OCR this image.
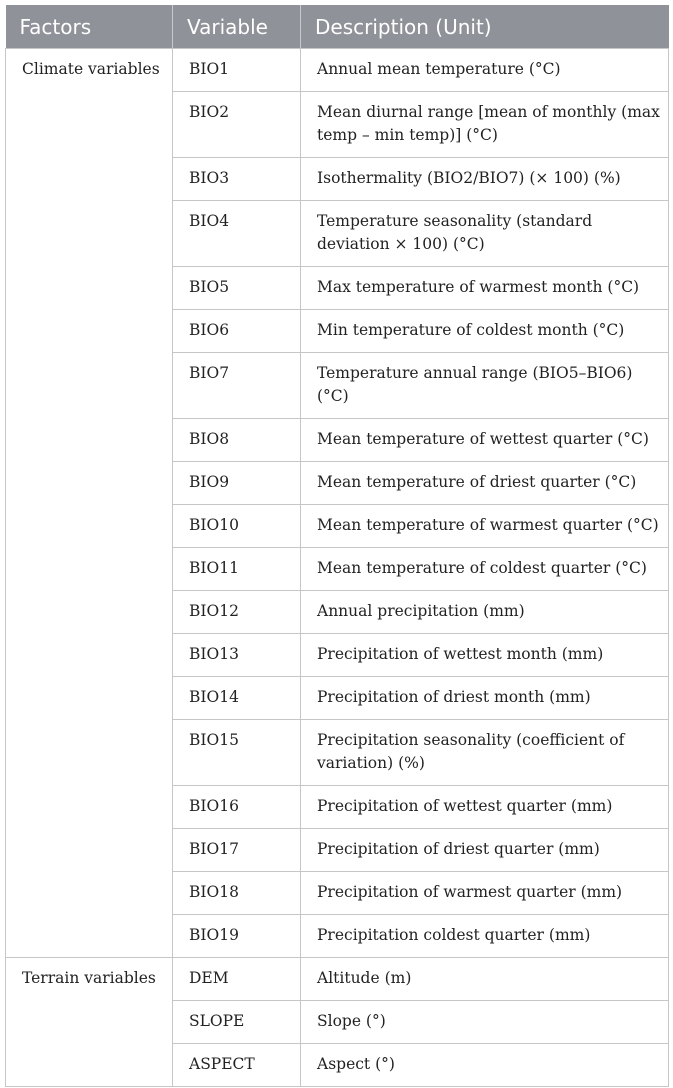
Factors	Variable	Description (Unit)
Climate variables	BIO1	Annual mean temperature (°C)
	BIO2	Mean diurnal range [mean of monthly (max temp – min temp)] (°C)
	BIO3	Isothermality (BIO2/BIO7) (× 100) (%)
	BIO4	Temperature seasonality (standard deviation × 100) (°C)
	BIO5	Max temperature of warmest month (°C)
	BIO6	Min temperature of coldest month (°C)
	BIO7	Temperature annual range (BIO5–BIO6) (°C)
	BIO8	Mean temperature of wettest quarter (°C)
	BIO9	Mean temperature of driest quarter (°C)
	BIO10	Mean temperature of warmest quarter (°C)
	BIO11	Mean temperature of coldest quarter (°C)
	BIO12	Annual precipitation (mm)
	BIO13	Precipitation of wettest month (mm)
	BIO14	Precipitation of driest month (mm)
	BIO15	Precipitation seasonality (coefficient of variation) (%)
	BIO16	Precipitation of wettest quarter (mm)
	BIO17	Precipitation of driest quarter (mm)
	BIO18	Precipitation of warmest quarter (mm)
	BIO19	Precipitation coldest quarter (mm)
Terrain variables	DEM	Altitude (m)
	SLOPE	Slope (°)
	ASPECT	Aspect (°)
